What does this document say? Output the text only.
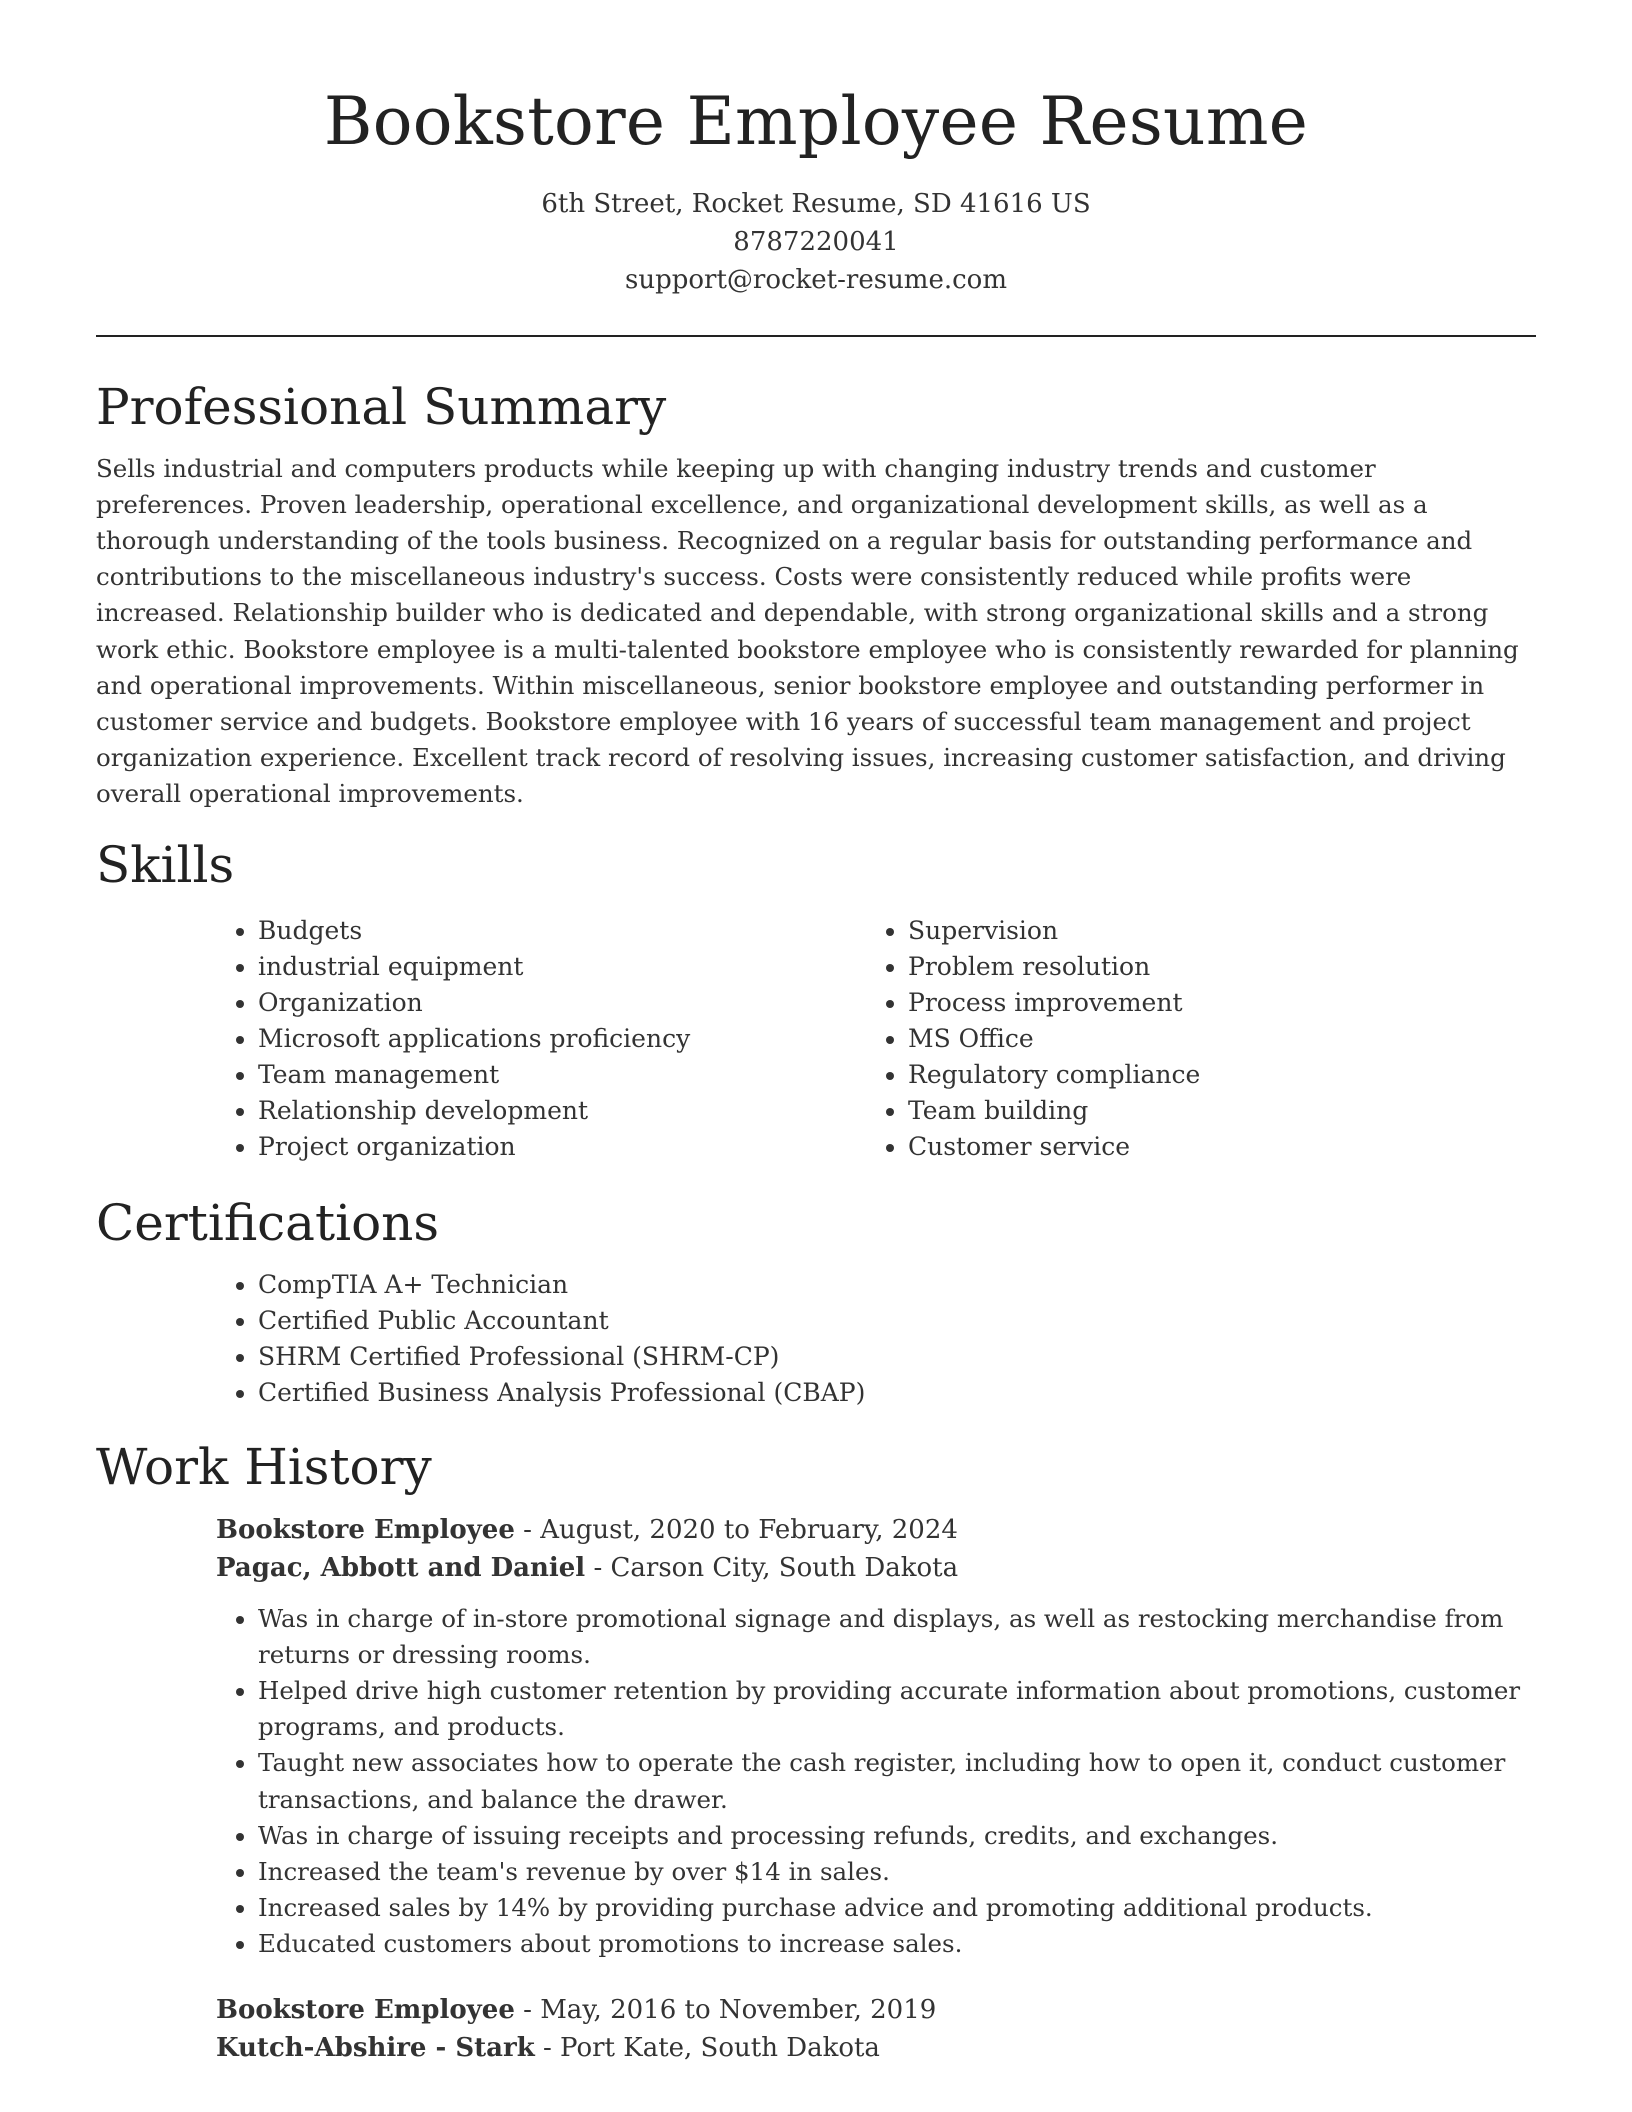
Bookstore Employee Resume
6th Street, Rocket Resume, SD 41616 US
8787220041
support@rocket-resume.com
Professional Summary

Sells industrial and computers products while keeping up with changing industry trends and customer preferences. Proven leadership, operational excellence, and organizational development skills, as well as a thorough understanding of the tools business. Recognized on a regular basis for outstanding performance and contributions to the miscellaneous industry's success. Costs were consistently reduced while profits were increased. Relationship builder who is dedicated and dependable, with strong organizational skills and a strong work ethic. Bookstore employee is a multi-talented bookstore employee who is consistently rewarded for planning and operational improvements. Within miscellaneous, senior bookstore employee and outstanding performer in customer service and budgets. Bookstore employee with 16 years of successful team management and project organization experience. Excellent track record of resolving issues, increasing customer satisfaction, and driving overall operational improvements.

Skills
• Budgets
• industrial equipment
• Organization
• Microsoft applications proficiency
• Team management
• Relationship development
• Project organization
• Supervision
• Problem resolution
• Process improvement
• MS Office
• Regulatory compliance
• Team building
• Customer service
Certifications
• CompTIA A+ Technician
• Certified Public Accountant
• SHRM Certified Professional (SHRM-CP)
• Certified Business Analysis Professional (CBAP)
Work History
Bookstore Employee - August, 2020 to February, 2024
Pagac, Abbott and Daniel - Carson City, South Dakota
• Was in charge of in-store promotional signage and displays, as well as restocking merchandise from returns or dressing rooms.
• Helped drive high customer retention by providing accurate information about promotions, customer programs, and products.
• Taught new associates how to operate the cash register, including how to open it, conduct customer transactions, and balance the drawer.
• Was in charge of issuing receipts and processing refunds, credits, and exchanges.
• Increased the team's revenue by over $14 in sales.
• Increased sales by 14% by providing purchase advice and promoting additional products.
• Educated customers about promotions to increase sales.
Bookstore Employee - May, 2016 to November, 2019
Kutch-Abshire - Stark - Port Kate, South Dakota
